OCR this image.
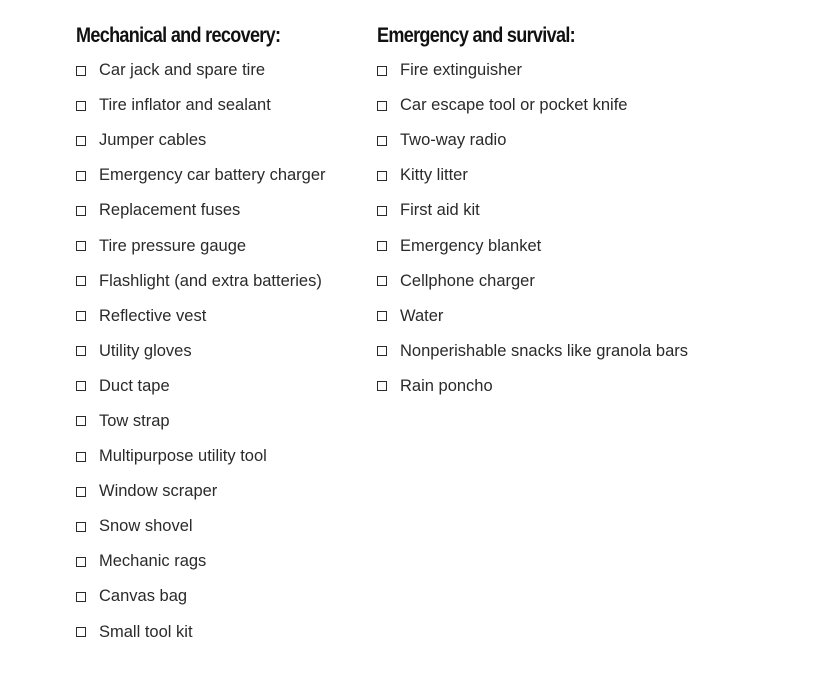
Mechanical and recovery:
Car jack and spare tire
Tire inflator and sealant
Jumper cables
Emergency car battery charger
Replacement fuses
Tire pressure gauge
Flashlight (and extra batteries)
Reflective vest
Utility gloves
Duct tape
Tow strap
Multipurpose utility tool
Window scraper
Snow shovel
Mechanic rags
Canvas bag
Small tool kit
Emergency and survival:
Fire extinguisher
Car escape tool or pocket knife
Two-way radio
Kitty litter
First aid kit
Emergency blanket
Cellphone charger
Water
Nonperishable snacks like granola bars
Rain poncho
